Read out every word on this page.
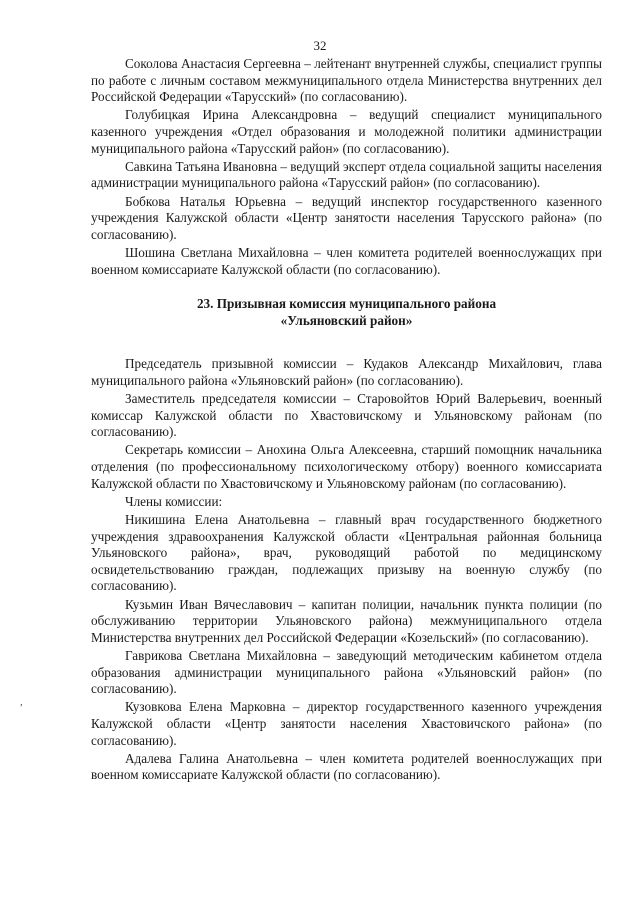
32
,

Соколова Анастасия Сергеевна – лейтенант внутренней службы, специалист группы по работе с личным составом межмуниципального отдела Министерства внутренних дел Российской Федерации «Тарусский» (по согласованию).

Голубицкая Ирина Александровна – ведущий специалист муниципального казенного учреждения «Отдел образования и молодежной политики администрации муниципального района «Тарусский район» (по согласованию).

Савкина Татьяна Ивановна – ведущий эксперт отдела социальной защиты населения администрации муниципального района «Тарусский район» (по согласованию).

Бобкова Наталья Юрьевна – ведущий инспектор государственного казенного учреждения Калужской области «Центр занятости населения Тарусского района» (по согласованию).

Шошина Светлана Михайловна – член комитета родителей военнослужащих при военном комиссариате Калужской области (по согласованию).

23. Призывная комиссия муниципального района
«Ульяновский район»

Председатель призывной комиссии – Кудаков Александр Михайлович, глава муниципального района «Ульяновский район» (по согласованию).

Заместитель председателя комиссии – Старовойтов Юрий Валерьевич, военный комиссар Калужской области по Хвастовичскому и Ульяновскому районам (по согласованию).

Секретарь комиссии – Анохина Ольга Алексеевна, старший помощник начальника отделения (по профессиональному психологическому отбору) военного комиссариата Калужской области по Хвастовичскому и Ульяновскому районам (по согласованию).

Члены комиссии:

Никишина Елена Анатольевна – главный врач государственного бюджетного учреждения здравоохранения Калужской области «Центральная районная больница Ульяновского района», врач, руководящий работой по медицинскому освидетельствованию граждан, подлежащих призыву на военную службу (по согласованию).

Кузьмин Иван Вячеславович – капитан полиции, начальник пункта полиции (по обслуживанию территории Ульяновского района) межмуниципального отдела Министерства внутренних дел Российской Федерации «Козельский» (по согласованию).

Гаврикова Светлана Михайловна – заведующий методическим кабинетом отдела образования администрации муниципального района «Ульяновский район» (по согласованию).

Кузовкова Елена Марковна – директор государственного казенного учреждения Калужской области «Центр занятости населения Хвастовичского района» (по согласованию).

Адалева Галина Анатольевна – член комитета родителей военнослужащих при военном комиссариате Калужской области (по согласованию).
